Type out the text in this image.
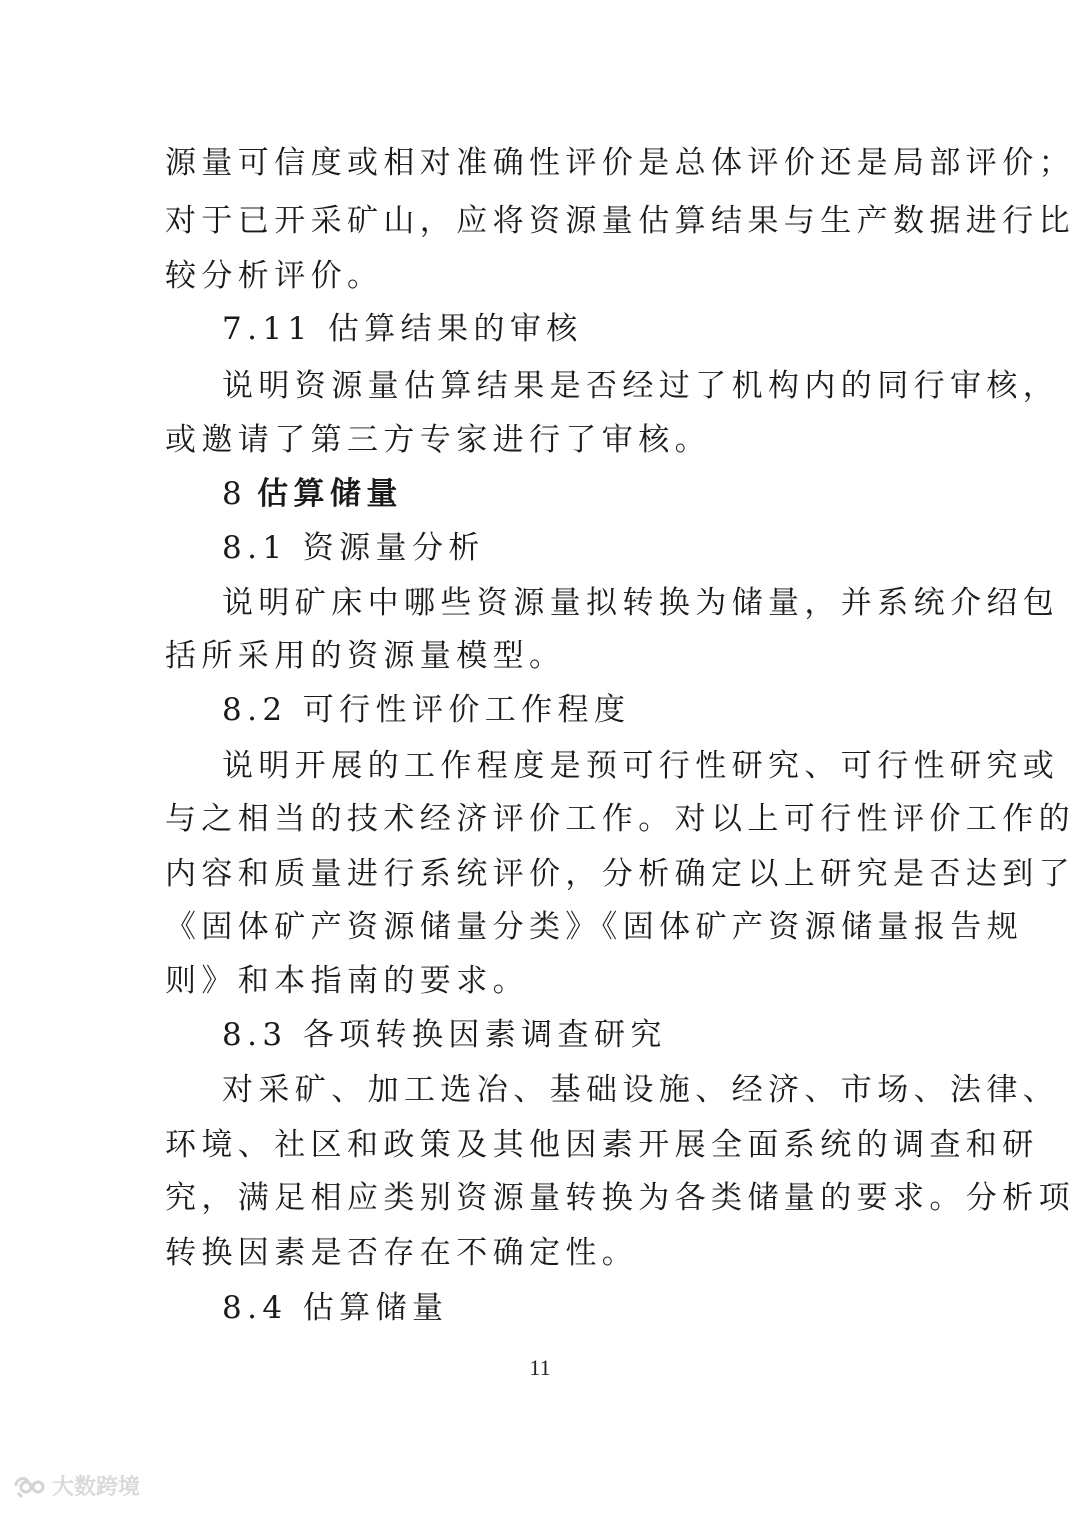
源量可信度或相对准确性评价是总体评价还是局部评价；
对于已开采矿山，应将资源量估算结果与生产数据进行比
较分析评价。
7.11 估算结果的审核
说明资源量估算结果是否经过了机构内的同行审核，
或邀请了第三方专家进行了审核。
8 估算储量
8.1 资源量分析
说明矿床中哪些资源量拟转换为储量，并系统介绍包
括所采用的资源量模型。
8.2 可行性评价工作程度
说明开展的工作程度是预可行性研究、可行性研究或
与之相当的技术经济评价工作。对以上可行性评价工作的
内容和质量进行系统评价，分析确定以上研究是否达到了
《固体矿产资源储量分类》《固体矿产资源储量报告规
则》和本指南的要求。
8.3 各项转换因素调查研究
对采矿、加工选冶、基础设施、经济、市场、法律、
环境、社区和政策及其他因素开展全面系统的调查和研
究，满足相应类别资源量转换为各类储量的要求。分析项
转换因素是否存在不确定性。
8.4 估算储量
11
大数跨境
